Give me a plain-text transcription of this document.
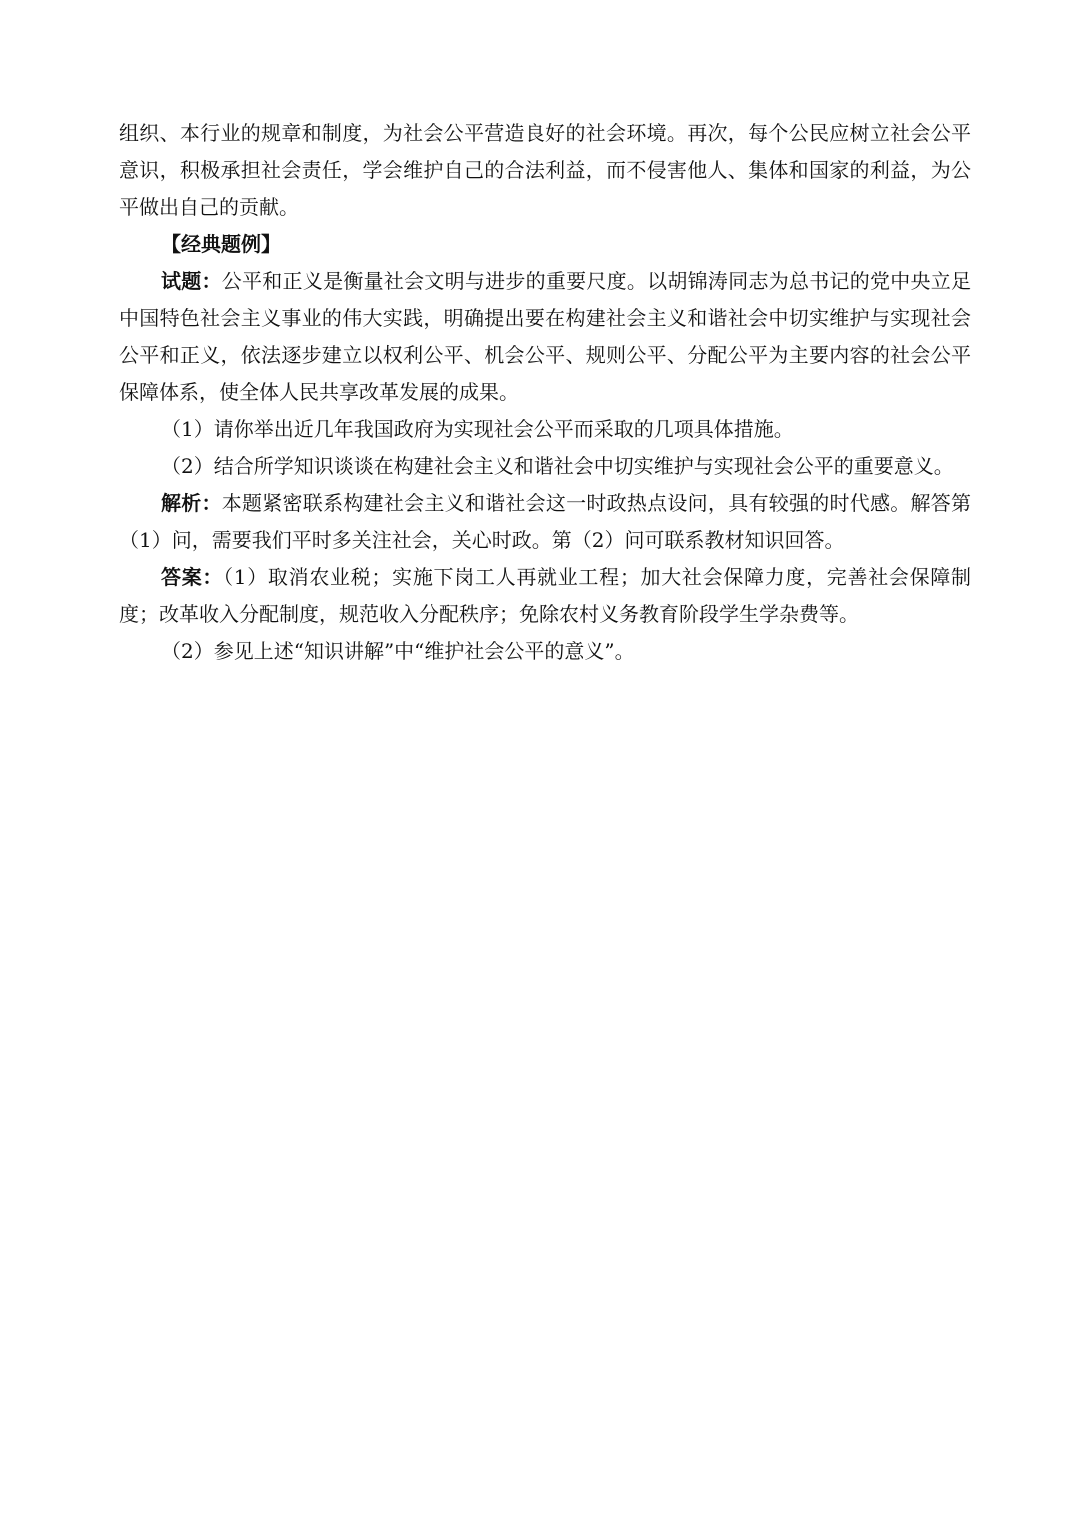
组织、本行业的规章和制度，为社会公平营造良好的社会环境。再次，每个公民应树立社会公平意识，积极承担社会责任，学会维护自己的合法利益，而不侵害他人、集体和国家的利益，为公平做出自己的贡献。

【经典题例】

试题：公平和正义是衡量社会文明与进步的重要尺度。以胡锦涛同志为总书记的党中央立足中国特色社会主义事业的伟大实践，明确提出要在构建社会主义和谐社会中切实维护与实现社会公平和正义，依法逐步建立以权利公平、机会公平、规则公平、分配公平为主要内容的社会公平保障体系，使全体人民共享改革发展的成果。

（1）请你举出近几年我国政府为实现社会公平而采取的几项具体措施。

（2）结合所学知识谈谈在构建社会主义和谐社会中切实维护与实现社会公平的重要意义。

解析：本题紧密联系构建社会主义和谐社会这一时政热点设问，具有较强的时代感。解答第（1）问，需要我们平时多关注社会，关心时政。第（2）问可联系教材知识回答。

答案：（1）取消农业税；实施下岗工人再就业工程；加大社会保障力度，完善社会保障制度；改革收入分配制度，规范收入分配秩序；免除农村义务教育阶段学生学杂费等。

（2）参见上述“知识讲解”中“维护社会公平的意义”。
